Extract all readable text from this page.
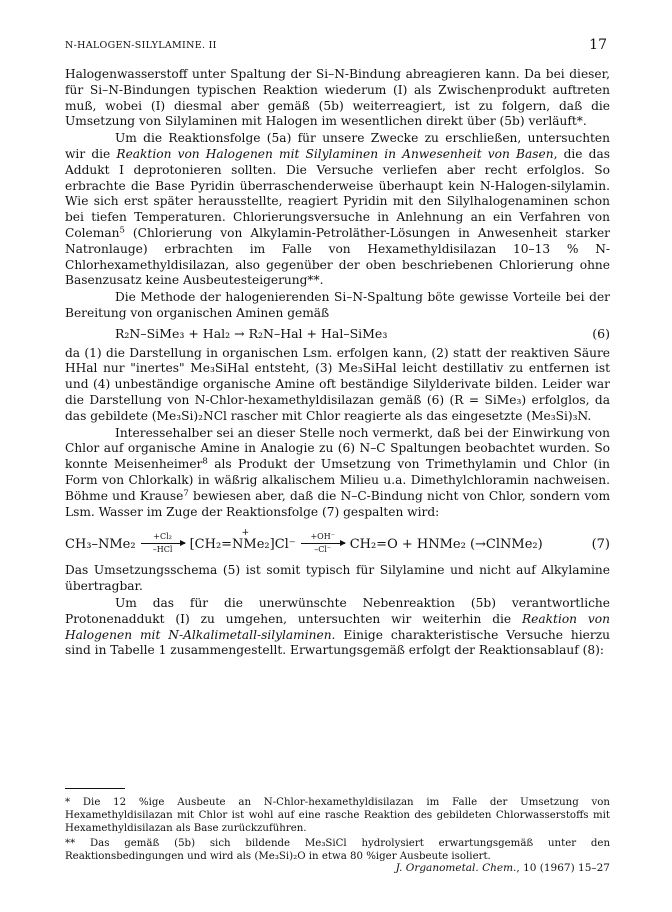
N-HALOGEN-SILYLAMINE. II	17

Halogenwasserstoff unter Spaltung der Si–N-Bindung abreagieren kann. Da bei dieser, für Si–N-Bindungen typischen Reaktion wiederum (I) als Zwischenprodukt auftreten muß, wobei (I) diesmal aber gemäß (5b) weiterreagiert, ist zu folgern, daß die Umsetzung von Silylaminen mit Halogen im wesentlichen direkt über (5b) verläuft*.

Um die Reaktionsfolge (5a) für unsere Zwecke zu erschließen, untersuchten wir die Reaktion von Halogenen mit Silylaminen in Anwesenheit von Basen, die das Addukt I deprotonieren sollten. Die Versuche verliefen aber recht erfolglos. So erbrachte die Base Pyridin überraschenderweise überhaupt kein N-Halogen-silylamin. Wie sich erst später herausstellte, reagiert Pyridin mit den Silylhalogenaminen schon bei tiefen Temperaturen. Chlorierungsversuche in Anlehnung an ein Verfahren von Coleman$^5$ (Chlorierung von Alkylamin-Petroläther-Lösungen in Anwesenheit starker Natronlauge) erbrachten im Falle von Hexamethyldisilazan 10–13 % N-Chlorhexamethyldisilazan, also gegenüber der oben beschriebenen Chlorierung ohne Basenzusatz keine Ausbeutesteigerung**.

Die Methode der halogenierenden Si–N-Spaltung böte gewisse Vorteile bei der Bereitung von organischen Aminen gemäß

R₂N–SiMe₃ + Hal₂ → R₂N–Hal + Hal–SiMe₃	(6)

da (1) die Darstellung in organischen Lsm. erfolgen kann, (2) statt der reaktiven Säure HHal nur "inertes" Me₃SiHal entsteht, (3) Me₃SiHal leicht destillativ zu entfernen ist und (4) unbeständige organische Amine oft beständige Silylderivate bilden. Leider war die Darstellung von N-Chlor-hexamethyldisilazan gemäß (6) (R = SiMe₃) erfolglos, da das gebildete (Me₃Si)₂NCl rascher mit Chlor reagierte als das eingesetzte (Me₃Si)₃N.

Interessehalber sei an dieser Stelle noch vermerkt, daß bei der Einwirkung von Chlor auf organische Amine in Analogie zu (6) N–C Spaltungen beobachtet wurden. So konnte Meisenheimer$^8$ als Produkt der Umsetzung von Trimethylamin und Chlor (in Form von Chlorkalk) in wäßrig alkalischem Milieu u.a. Dimethylchloramin nachweisen. Böhme und Krause$^7$ bewiesen aber, daß die N–C-Bindung nicht von Chlor, sondern vom Lsm. Wasser im Zuge der Reaktionsfolge (7) gespalten wird:

CH₃–NMe₂
+Cl₂
–HCl
+
[CH₂=NMe₂]Cl⁻
+OH⁻
–Cl⁻ CH₂=O + HNMe₂ (→ClNMe₂)	(7)

Das Umsetzungsschema (5) ist somit typisch für Silylamine und nicht auf Alkylamine übertragbar.

Um das für die unerwünschte Nebenreaktion (5b) verantwortliche Protonenaddukt (I) zu umgehen, untersuchten wir weiterhin die Reaktion von Halogenen mit N-Alkalimetall-silylaminen. Einige charakteristische Versuche hierzu sind in Tabelle 1 zusammengestellt. Erwartungsgemäß erfolgt der Reaktionsablauf (8):

* Die 12 %ige Ausbeute an N-Chlor-hexamethyldisilazan im Falle der Umsetzung von Hexamethyldisilazan mit Chlor ist wohl auf eine rasche Reaktion des gebildeten Chlorwasserstoffs mit Hexamethyldisilazan als Base zurückzuführen.

** Das gemäß (5b) sich bildende Me₃SiCl hydrolysiert erwartungsgemäß unter den Reaktionsbedingungen und wird als (Me₃Si)₂O in etwa 80 %iger Ausbeute isoliert.

J. Organometal. Chem., 10 (1967) 15–27
